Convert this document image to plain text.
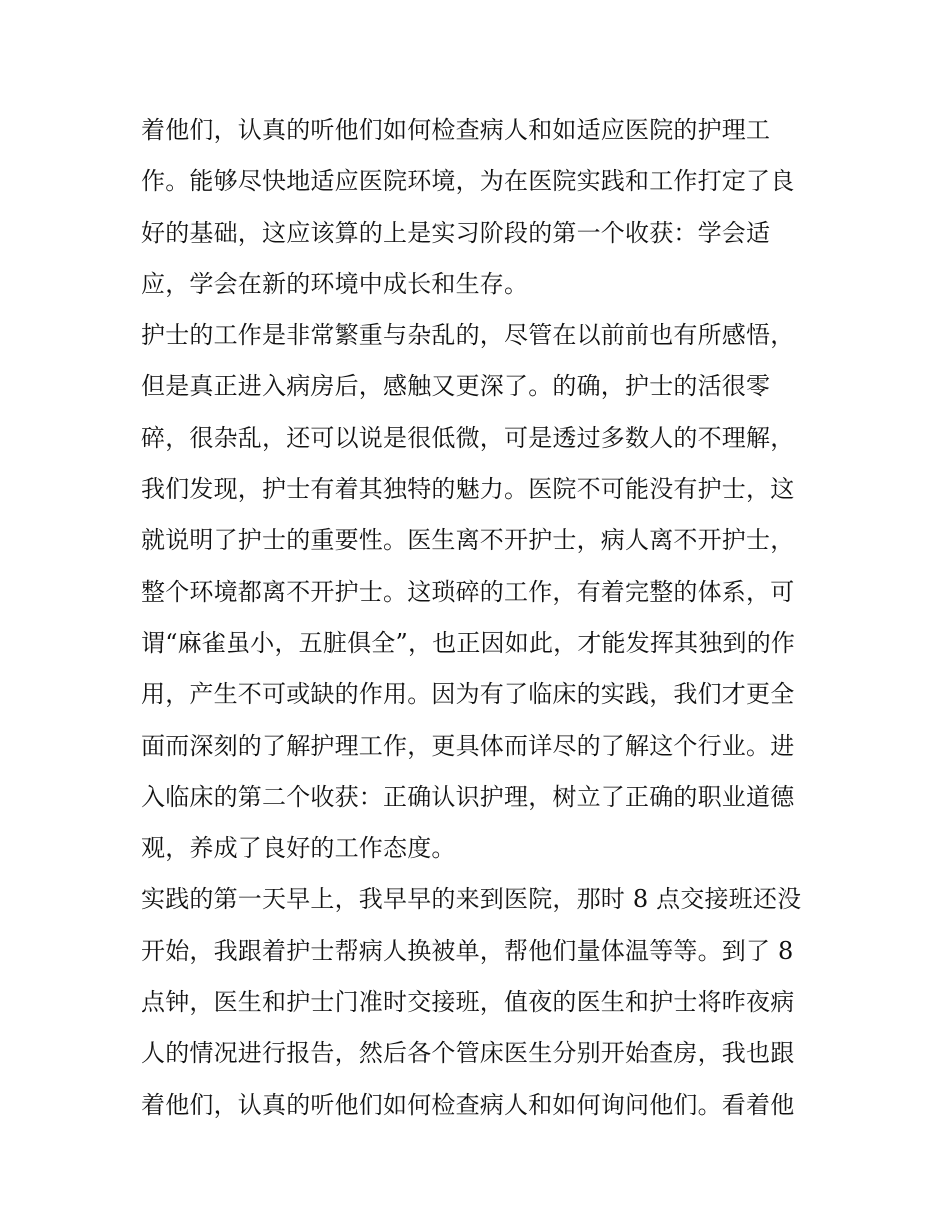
着他们，认真的听他们如何检查病人和如适应医院的护理工
作。能够尽快地适应医院环境，为在医院实践和工作打定了良
好的基础，这应该算的上是实习阶段的第一个收获：学会适
应，学会在新的环境中成长和生存。
护士的工作是非常繁重与杂乱的，尽管在以前前也有所感悟，
但是真正进入病房后，感触又更深了。的确，护士的活很零
碎，很杂乱，还可以说是很低微，可是透过多数人的不理解，
我们发现，护士有着其独特的魅力。医院不可能没有护士，这
就说明了护士的重要性。医生离不开护士，病人离不开护士，
整个环境都离不开护士。这琐碎的工作，有着完整的体系，可
谓“麻雀虽小，五脏俱全”，也正因如此，才能发挥其独到的作
用，产生不可或缺的作用。因为有了临床的实践，我们才更全
面而深刻的了解护理工作，更具体而详尽的了解这个行业。进
入临床的第二个收获：正确认识护理，树立了正确的职业道德
观，养成了良好的工作态度。
实践的第一天早上，我早早的来到医院，那时 8 点交接班还没
开始，我跟着护士帮病人换被单，帮他们量体温等等。到了 8
点钟，医生和护士门准时交接班，值夜的医生和护士将昨夜病
人的情况进行报告，然后各个管床医生分别开始查房，我也跟
着他们，认真的听他们如何检查病人和如何询问他们。看着他
